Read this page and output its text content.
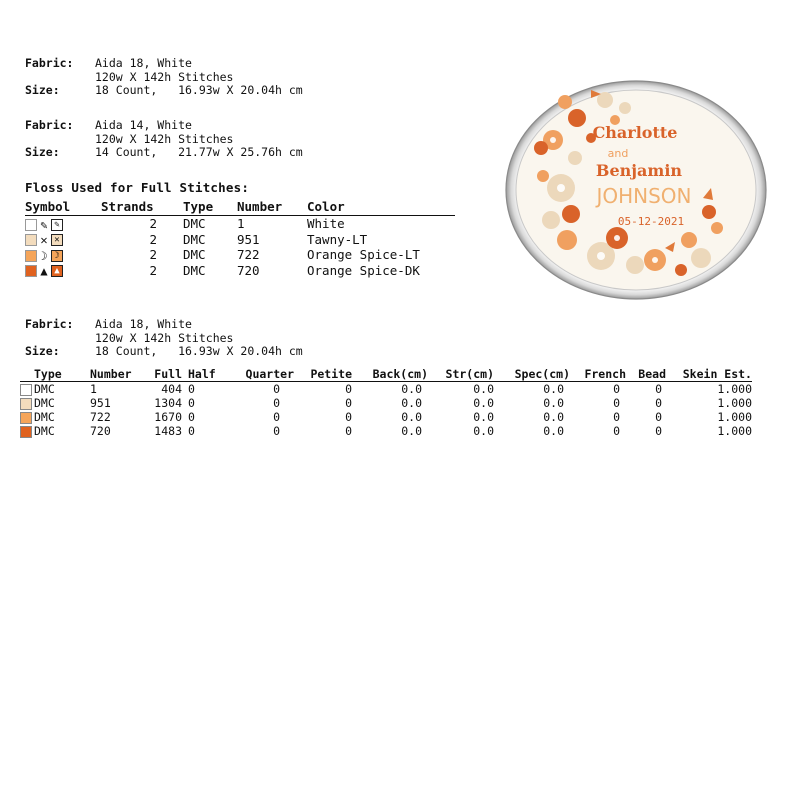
Fabric:	Aida 18, White
120w X 142h Stitches
Size:	18 Count,   16.93w X 20.04h cm
Fabric:	Aida 14, White
120w X 142h Stitches
Size:	14 Count,   21.77w X 25.76h cm
Floss Used for Full Stitches:
Symbol	Strands	Type	Number	Color
✎ ✎	2	DMC	1	White
✕ ✕	2	DMC	951	Tawny-LT
☽ ☽	2	DMC	722	Orange Spice-LT
▲ ▲	2	DMC	720	Orange Spice-DK
Fabric:	Aida 18, White
120w X 142h Stitches
Size:	18 Count,   16.93w X 20.04h cm
Type	Number	Full	Half	Quarter	Petite	Back(cm)	Str(cm)	Spec(cm)	French	Bead	Skein Est.
DMC	1	404	0	0	0	0.0	0.0	0.0	0	0	1.000
DMC	951	1304	0	0	0	0.0	0.0	0.0	0	0	1.000
DMC	722	1670	0	0	0	0.0	0.0	0.0	0	0	1.000
DMC	720	1483	0	0	0	0.0	0.0	0.0	0	0	1.000
Charlotte
and
Benjamin
JOHNSON
05-12-2021
